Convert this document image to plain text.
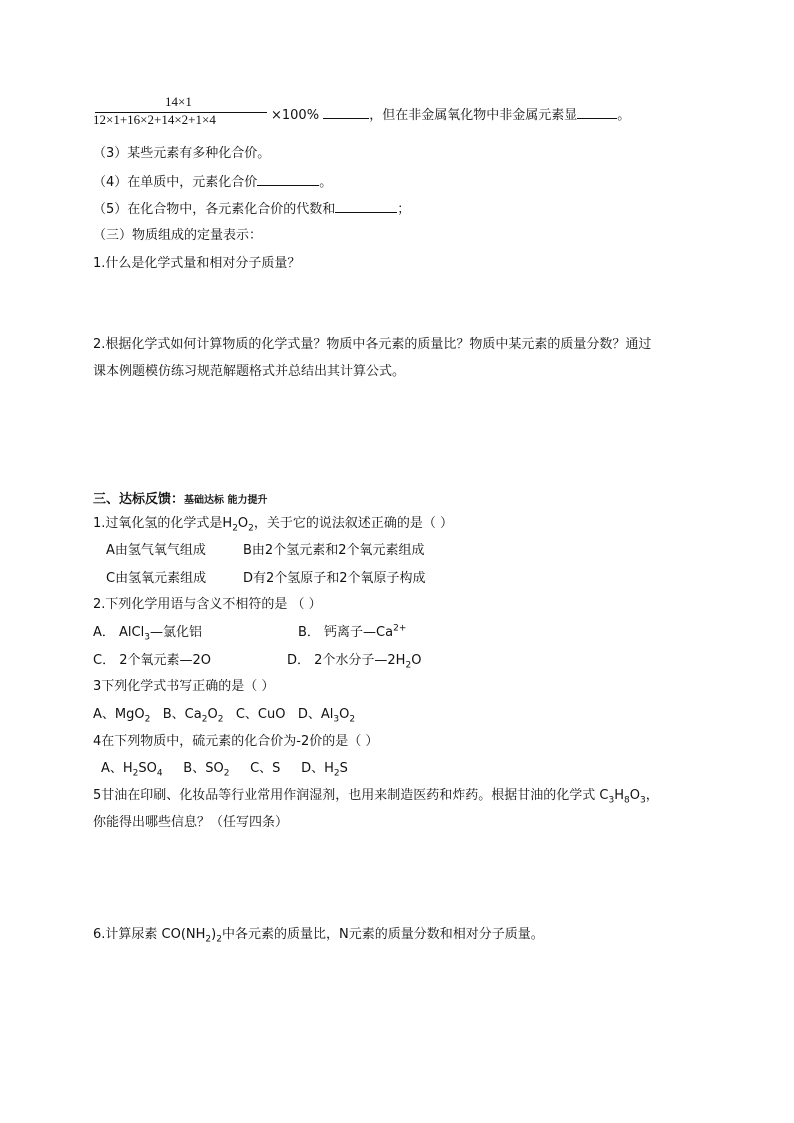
14×1
12×1+16×2+14×2+1×4	×100%	，但在非金属氧化物中非金属元素显	。
（3）某些元素有多种化合价。
（4）在单质中，元素化合价	。
（5）在化合物中，各元素化合价的代数和	；
（三）物质组成的定量表示：
1.什么是化学式量和相对分子质量？
2.根据化学式如何计算物质的化学式量？物质中各元素的质量比？物质中某元素的质量分数？通过
课本例题模仿练习规范解题格式并总结出其计算公式。
三、达标反馈：基础达标 能力提升
1.过氧化氢的化学式是$H_2O_2$，关于它的说法叙述正确的是（ ）
A由氢气氧气组成	B由2个氢元素和2个氧元素组成
C由氢氧元素组成	D有2个氢原子和2个氧原子构成
2.下列化学用语与含义不相符的是 （ ）
A． AlCl$_3$—氯化铝	B． 钙离子$—Ca^{2+}$
C． 2个氧元素—2O	D． 2个水分子$—2H_2O$
3下列化学式书写正确的是（ ）
A、MgO$_2$ B、$Ca_2O_2$ C、CuO D、$Al_3O_2$
4在下列物质中，硫元素的化合价为-2价的是（ ）
A、$H_2SO_4$ B、$SO_2$ C、S D、$H_2S$
5甘油在印刷、化妆品等行业常用作润湿剂，也用来制造医药和炸药。根据甘油的化学式 $C_3H_8O_3$，
你能得出哪些信息？（任写四条）
6.计算尿素 $CO(NH_2)_2$中各元素的质量比，N元素的质量分数和相对分子质量。
